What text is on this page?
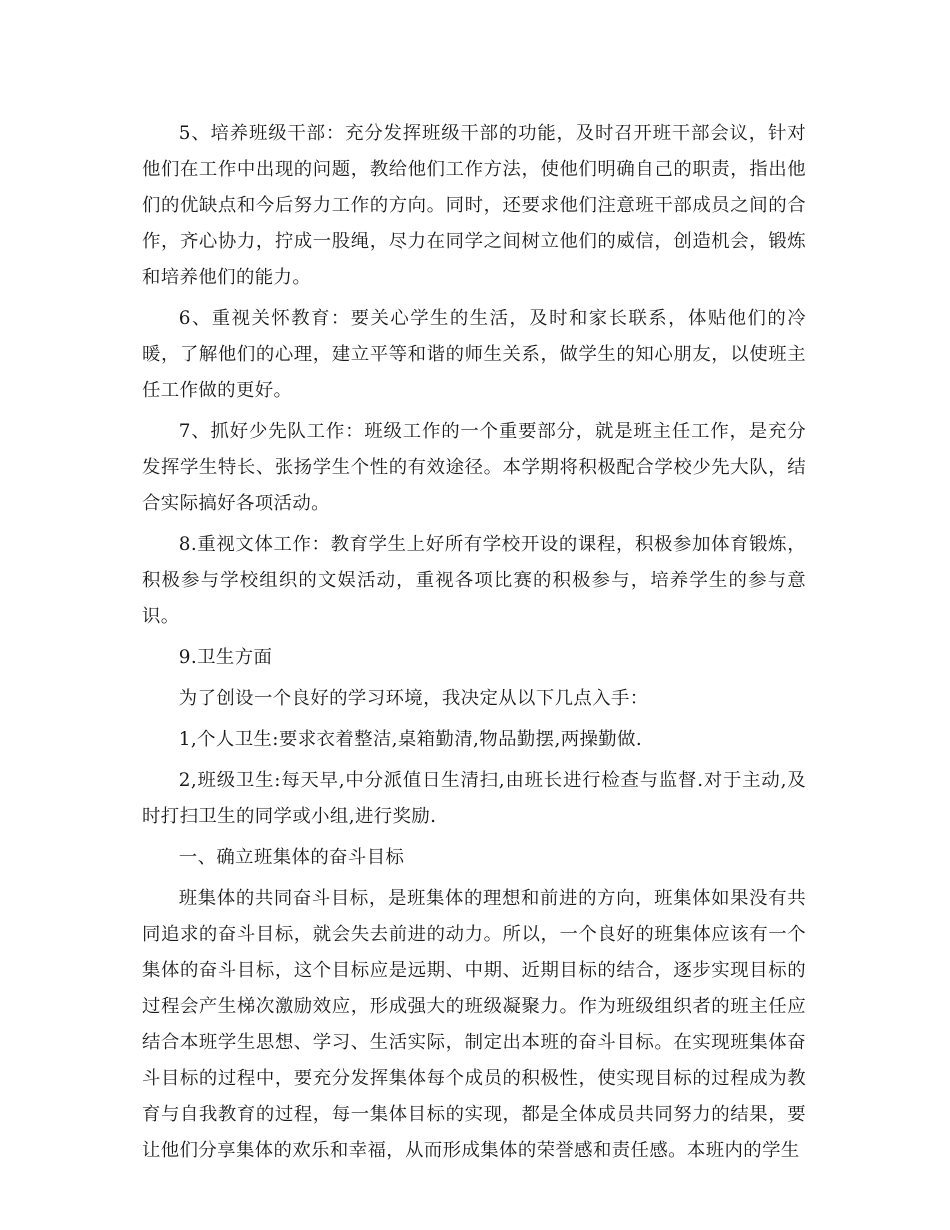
5、培养班级干部：充分发挥班级干部的功能，及时召开班干部会议，针对他们在工作中出现的问题，教给他们工作方法，使他们明确自己的职责，指出他们的优缺点和今后努力工作的方向。同时，还要求他们注意班干部成员之间的合作，齐心协力，拧成一股绳，尽力在同学之间树立他们的威信，创造机会，锻炼和培养他们的能力。

6、重视关怀教育：要关心学生的生活，及时和家长联系，体贴他们的冷暖，了解他们的心理，建立平等和谐的师生关系，做学生的知心朋友，以使班主任工作做的更好。

7、抓好少先队工作：班级工作的一个重要部分，就是班主任工作，是充分发挥学生特长、张扬学生个性的有效途径。本学期将积极配合学校少先大队，结合实际搞好各项活动。

8.重视文体工作：教育学生上好所有学校开设的课程，积极参加体育锻炼，积极参与学校组织的文娱活动，重视各项比赛的积极参与，培养学生的参与意识。

9.卫生方面

为了创设一个良好的学习环境，我决定从以下几点入手：

1,个人卫生:要求衣着整洁,桌箱勤清,物品勤摆,两操勤做.

2,班级卫生:每天早,中分派值日生清扫,由班长进行检查与监督.对于主动,及时打扫卫生的同学或小组,进行奖励.

一、确立班集体的奋斗目标

班集体的共同奋斗目标，是班集体的理想和前进的方向，班集体如果没有共同追求的奋斗目标，就会失去前进的动力。所以，一个良好的班集体应该有一个集体的奋斗目标，这个目标应是远期、中期、近期目标的结合，逐步实现目标的过程会产生梯次激励效应，形成强大的班级凝聚力。作为班级组织者的班主任应结合本班学生思想、学习、生活实际，制定出本班的奋斗目标。在实现班集体奋斗目标的过程中，要充分发挥集体每个成员的积极性，使实现目标的过程成为教育与自我教育的过程，每一集体目标的实现，都是全体成员共同努力的结果，要让他们分享集体的欢乐和幸福，从而形成集体的荣誉感和责任感。本班内的学生
